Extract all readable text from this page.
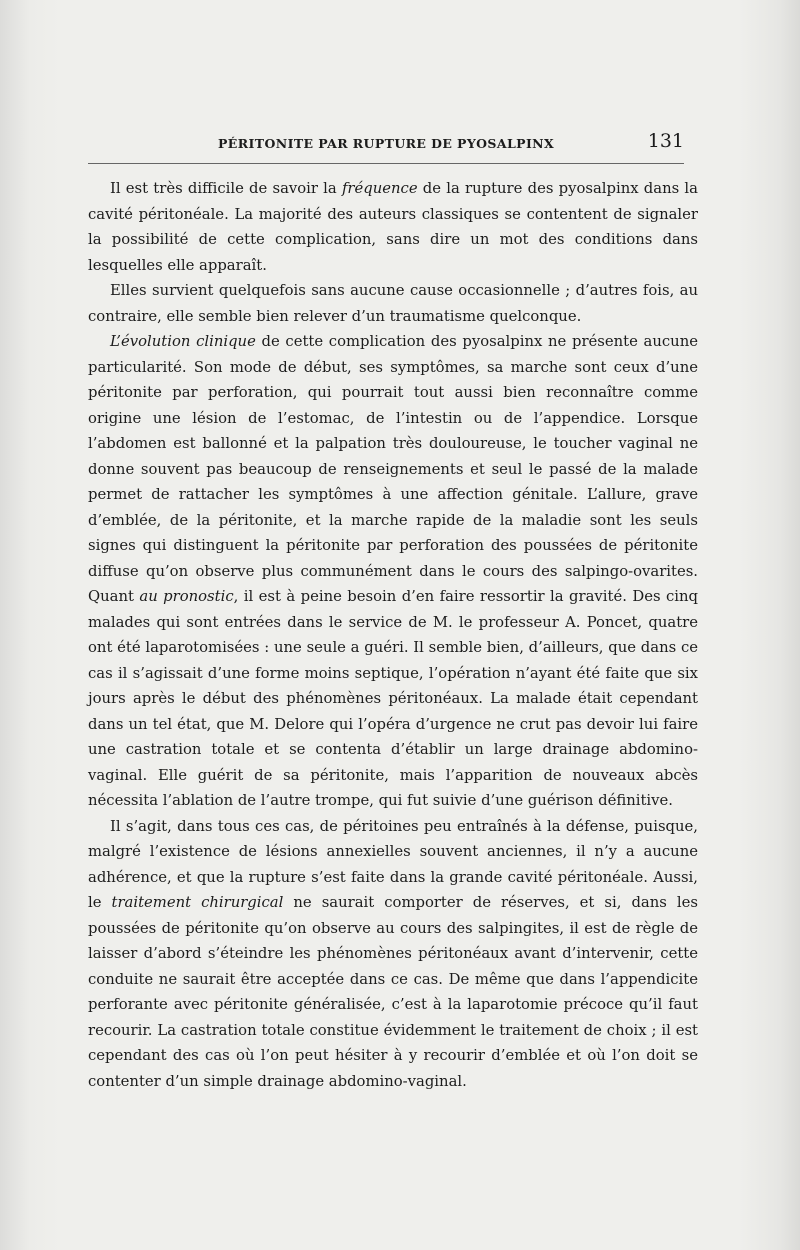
PÉRITONITE PAR RUPTURE DE PYOSALPINX	131

Il est très difficile de savoir la fréquence de la rupture des pyosalpinx dans la cavité péritonéale. La majorité des auteurs classiques se contentent de signaler la possibilité de cette complication, sans dire un mot des conditions dans lesquelles elle apparaît.

Elles survient quelquefois sans aucune cause occasionnelle ; d’autres fois, au contraire, elle semble bien relever d’un traumatisme quelconque.

L’évolution clinique de cette complication des pyosalpinx ne présente aucune particularité. Son mode de début, ses symptômes, sa marche sont ceux d’une péritonite par perforation, qui pourrait tout aussi bien reconnaître comme origine une lésion de l’estomac, de l’intestin ou de l’appendice. Lorsque l’abdomen est ballonné et la palpation très douloureuse, le toucher vaginal ne donne souvent pas beaucoup de renseignements et seul le passé de la malade permet de rattacher les symptômes à une affection génitale. L’allure, grave d’emblée, de la péritonite, et la marche rapide de la maladie sont les seuls signes qui distinguent la péritonite par perforation des poussées de péritonite diffuse qu’on observe plus communément dans le cours des salpingo-ovarites. Quant au pronostic, il est à peine besoin d’en faire ressortir la gravité. Des cinq malades qui sont entrées dans le service de M. le professeur A. Poncet, quatre ont été laparotomisées : une seule a guéri. Il semble bien, d’ailleurs, que dans ce cas il s’agissait d’une forme moins septique, l’opération n’ayant été faite que six jours après le début des phénomènes péritonéaux. La malade était cependant dans un tel état, que M. Delore qui l’opéra d’urgence ne crut pas devoir lui faire une castration totale et se contenta d’établir un large drainage abdomino-vaginal. Elle guérit de sa péritonite, mais l’apparition de nouveaux abcès nécessita l’ablation de l’autre trompe, qui fut suivie d’une guérison définitive.

Il s’agit, dans tous ces cas, de péritoines peu entraînés à la défense, puisque, malgré l’existence de lésions annexielles souvent anciennes, il n’y a aucune adhérence, et que la rupture s’est faite dans la grande cavité péritonéale. Aussi, le traitement chirurgical ne saurait comporter de réserves, et si, dans les poussées de péritonite qu’on observe au cours des salpingites, il est de règle de laisser d’abord s’éteindre les phénomènes péritonéaux avant d’intervenir, cette conduite ne saurait être acceptée dans ce cas. De même que dans l’appendicite perforante avec péritonite généralisée, c’est à la laparotomie précoce qu’il faut recourir. La castration totale constitue évidemment le traitement de choix ; il est cependant des cas où l’on peut hésiter à y recourir d’emblée et où l’on doit se contenter d’un simple drainage abdomino-vaginal.
